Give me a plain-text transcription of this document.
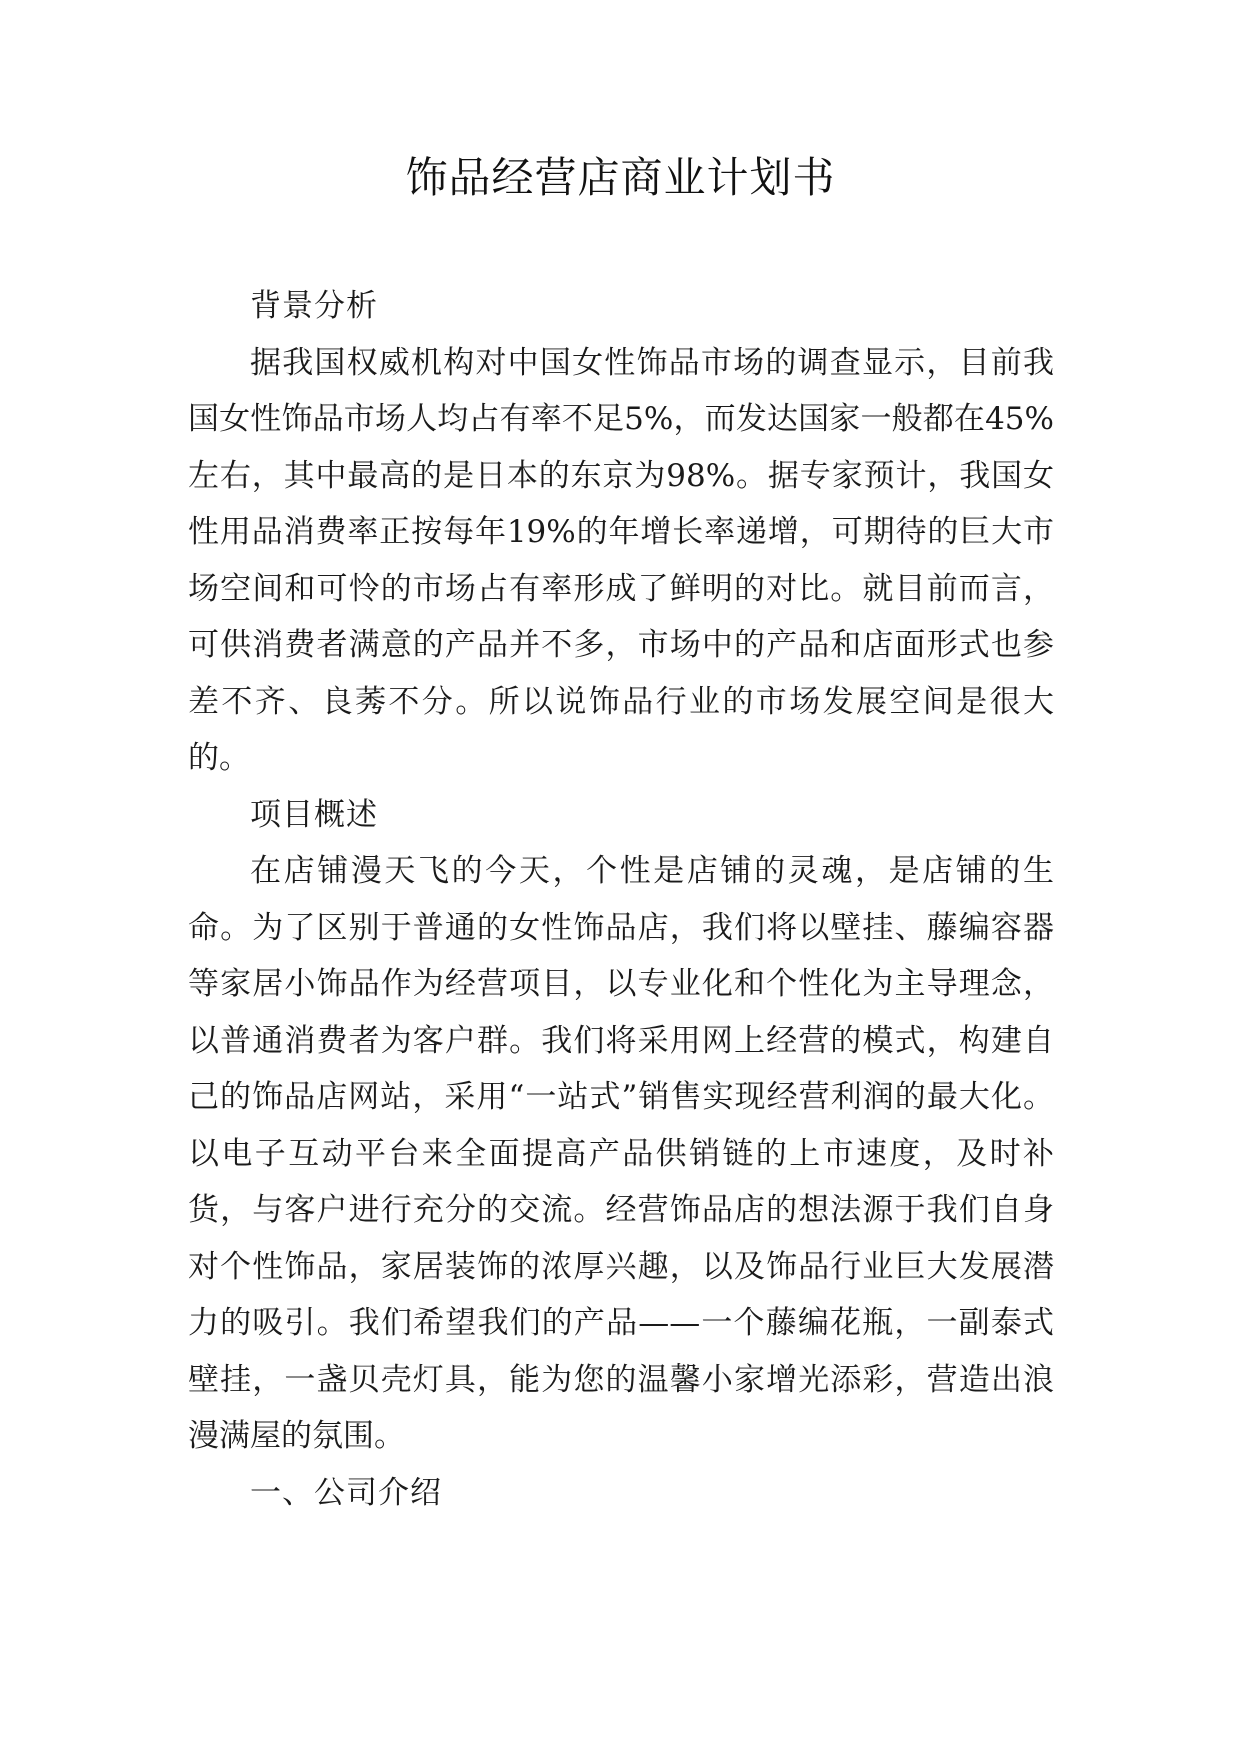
饰品经营店商业计划书

背景分析

据我国权威机构对中国女性饰品市场的调查显示，目前我国女性饰品市场人均占有率不足5%，而发达国家一般都在45%左右，其中最高的是日本的东京为98%。据专家预计，我国女性用品消费率正按每年19%的年增长率递增，可期待的巨大市场空间和可怜的市场占有率形成了鲜明的对比。就目前而言，可供消费者满意的产品并不多，市场中的产品和店面形式也参差不齐、良莠不分。所以说饰品行业的市场发展空间是很大的。

项目概述

在店铺漫天飞的今天，个性是店铺的灵魂，是店铺的生命。为了区别于普通的女性饰品店，我们将以壁挂、藤编容器等家居小饰品作为经营项目，以专业化和个性化为主导理念，以普通消费者为客户群。我们将采用网上经营的模式，构建自己的饰品店网站，采用“一站式”销售实现经营利润的最大化。以电子互动平台来全面提高产品供销链的上市速度，及时补货，与客户进行充分的交流。经营饰品店的想法源于我们自身对个性饰品，家居装饰的浓厚兴趣，以及饰品行业巨大发展潜力的吸引。我们希望我们的产品——一个藤编花瓶，一副泰式壁挂，一盏贝壳灯具，能为您的温馨小家增光添彩，营造出浪漫满屋的氛围。

一、公司介绍
